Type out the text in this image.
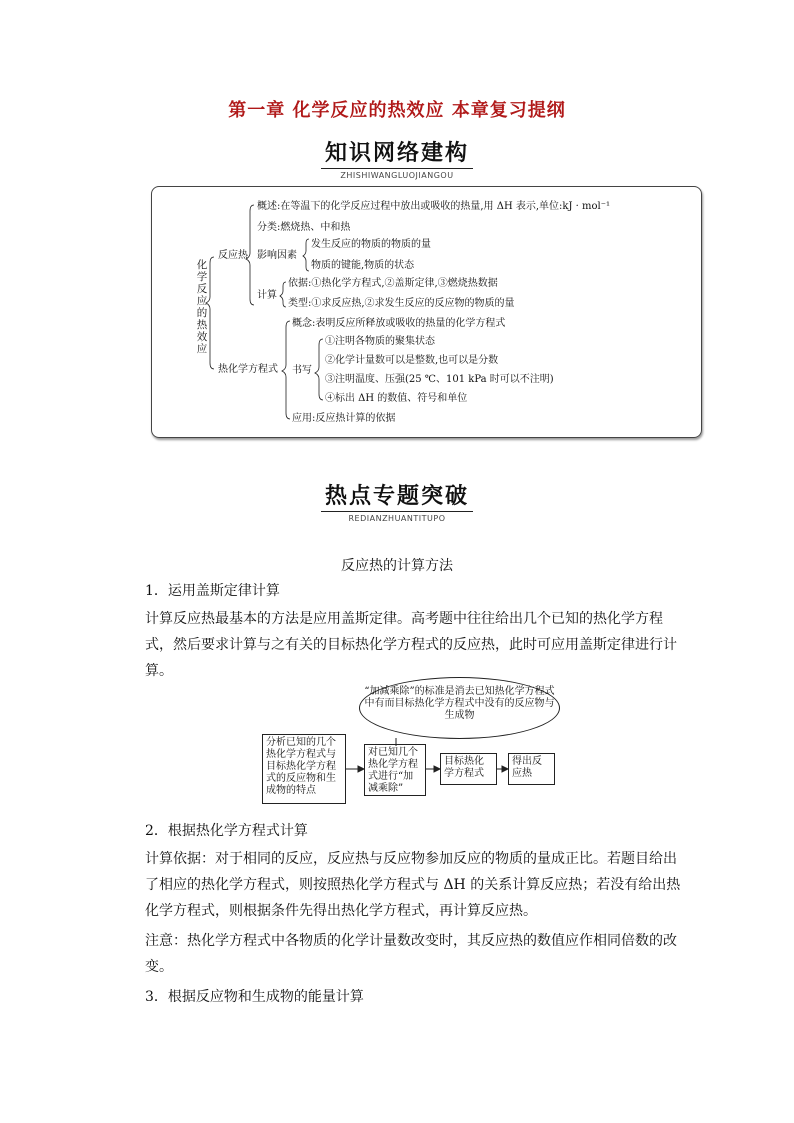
第一章 化学反应的热效应 本章复习提纲
知识网络建构
ZHISHIWANGLUOJIANGOU
化学反应的热效应
反应热
概述:在等温下的化学反应过程中放出或吸收的热量,用 ΔH 表示,单位:kJ · mol⁻¹
分类:燃烧热、中和热
影响因素
发生反应的物质的物质的量
物质的键能,物质的状态
计算
依据:①热化学方程式,②盖斯定律,③燃烧热数据
类型:①求反应热,②求发生反应的反应物的物质的量
热化学方程式
概念:表明反应所释放或吸收的热量的化学方程式
书写
①注明各物质的聚集状态
②化学计量数可以是整数,也可以是分数
③注明温度、压强(25 ℃、101 kPa 时可以不注明)
④标出 ΔH 的数值、符号和单位
应用:反应热计算的依据
热点专题突破
REDIANZHUANTITUPO
反应热的计算方法
1．运用盖斯定律计算
计算反应热最基本的方法是应用盖斯定律。高考题中往往给出几个已知的热化学方程式，然后要求计算与之有关的目标热化学方程式的反应热，此时可应用盖斯定律进行计算。
“加减乘除”的标准是消去已知热化学方程式中有而目标热化学方程式中没有的反应物与生成物
分析已知的几个热化学方程式与目标热化学方程式的反应物和生成物的特点
对已知几个热化学方程式进行“加减乘除”
目标热化学方程式
得出反应热
2．根据热化学方程式计算
计算依据：对于相同的反应，反应热与反应物参加反应的物质的量成正比。若题目给出了相应的热化学方程式，则按照热化学方程式与 ΔH 的关系计算反应热；若没有给出热化学方程式，则根据条件先得出热化学方程式，再计算反应热。
注意：热化学方程式中各物质的化学计量数改变时，其反应热的数值应作相同倍数的改变。
3．根据反应物和生成物的能量计算
